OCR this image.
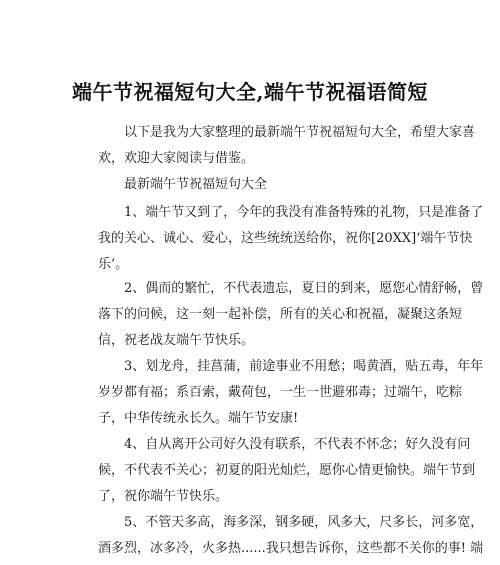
端午节祝福短句大全,端午节祝福语简短
以下是我为大家整理的最新端午节祝福短句大全，希望大家喜
欢，欢迎大家阅读与借鉴。
最新端午节祝福短句大全
1、端午节又到了，今年的我没有准备特殊的礼物，只是准备了
我的关心、诚心、爱心，这些统统送给你，祝你[20XX]‘端午节快
乐’。
2、偶而的繁忙，不代表遗忘，夏日的到来，愿您心情舒畅，曾
落下的问候，这一刻一起补偿，所有的关心和祝福，凝聚这条短
信，祝老战友端午节快乐。
3、划龙舟，挂菖蒲，前途事业不用愁；喝黄酒，贴五毒，年年
岁岁都有福；系百索，戴荷包，一生一世避邪毒；过端午，吃粽
子，中华传统永长久。端午节安康!
4、自从离开公司好久没有联系，不代表不怀念；好久没有问
候，不代表不关心；初夏的阳光灿烂，愿你心情更愉快。端午节到
了，祝你端午节快乐。
5、不管天多高，海多深，钢多硬，风多大，尺多长，河多宽，
酒多烈，冰多冷，火多热......我只想告诉你，这些都不关你的事! 端
